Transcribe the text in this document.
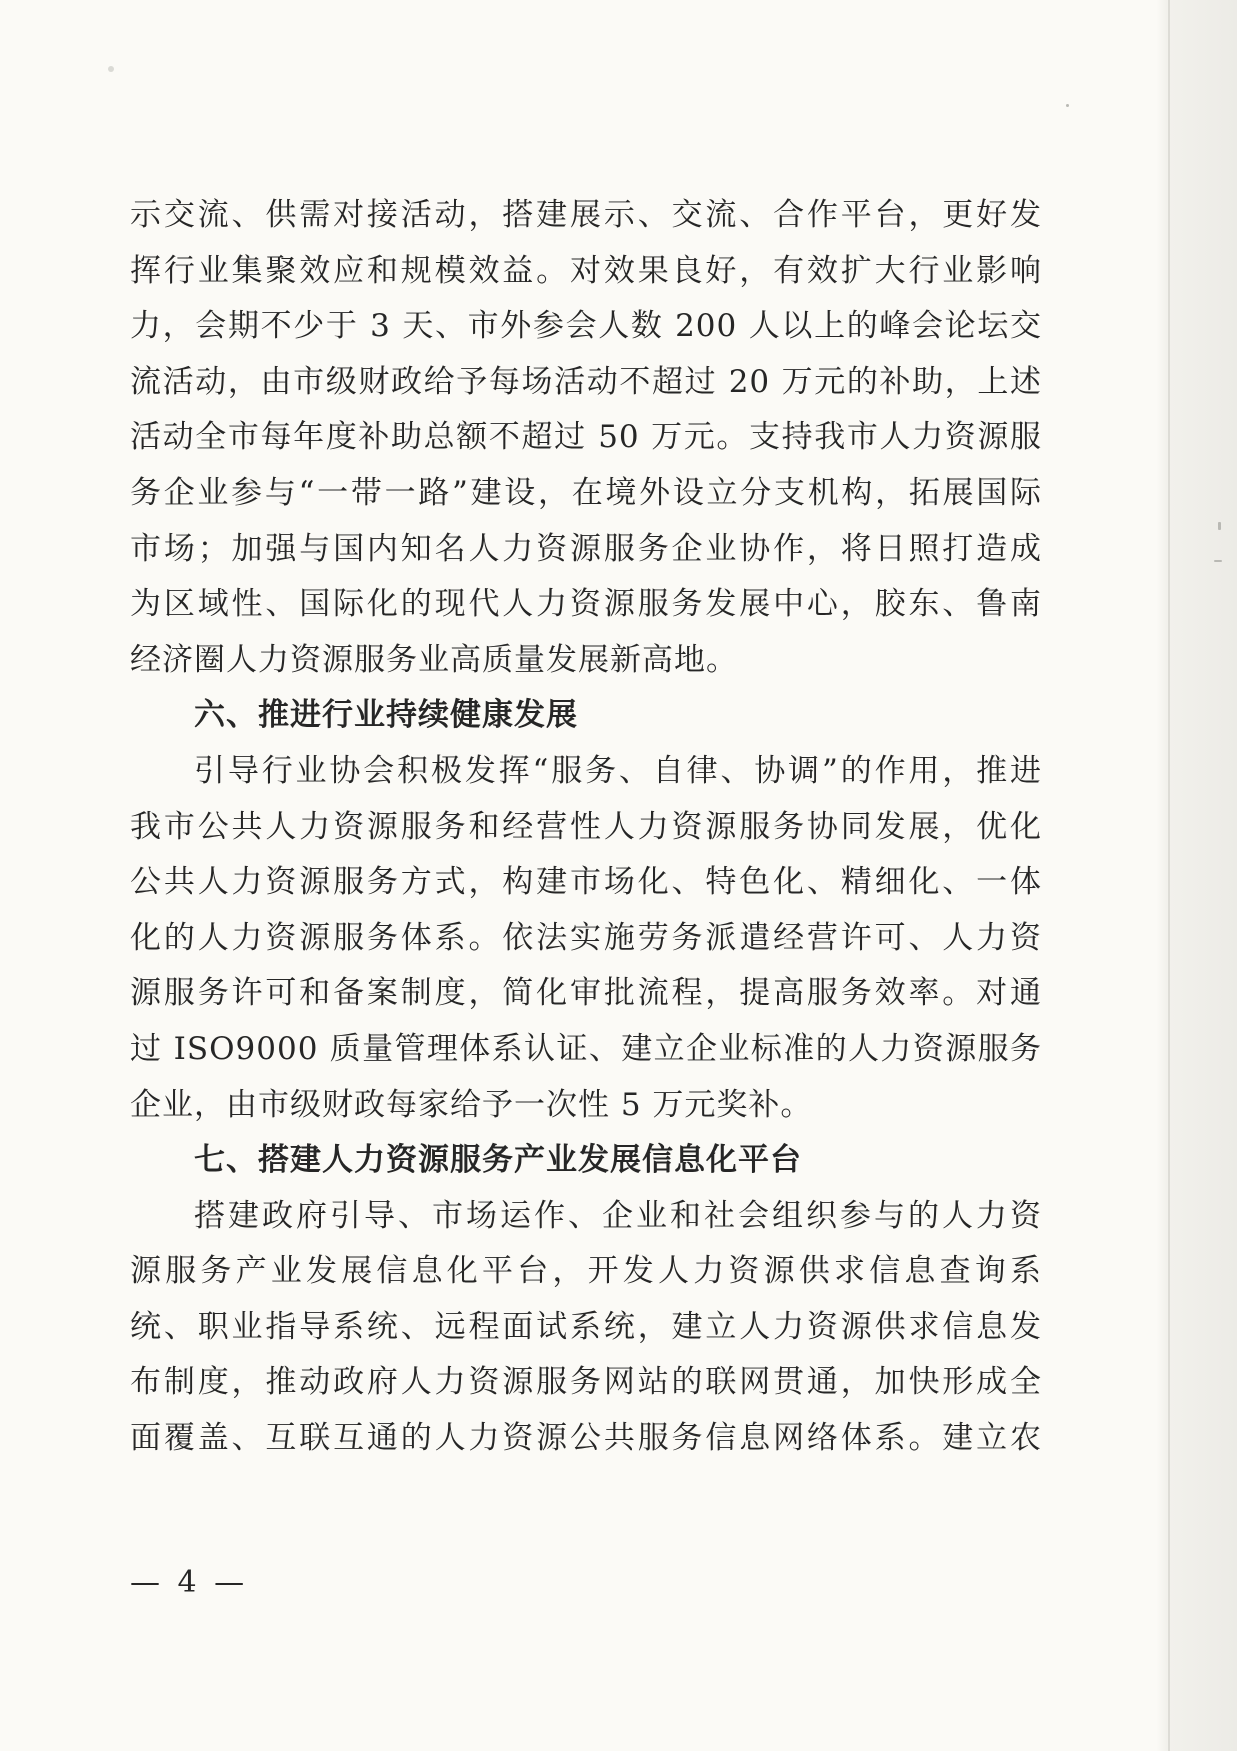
示交流、供需对接活动，搭建展示、交流、合作平台，更好发
挥行业集聚效应和规模效益。对效果良好，有效扩大行业影响
力，会期不少于 3 天、市外参会人数 200 人以上的峰会论坛交
流活动，由市级财政给予每场活动不超过 20 万元的补助，上述
活动全市每年度补助总额不超过 50 万元。支持我市人力资源服
务企业参与“一带一路”建设，在境外设立分支机构，拓展国际
市场；加强与国内知名人力资源服务企业协作，将日照打造成
为区域性、国际化的现代人力资源服务发展中心，胶东、鲁南
经济圈人力资源服务业高质量发展新高地。
六、推进行业持续健康发展
引导行业协会积极发挥“服务、自律、协调”的作用，推进
我市公共人力资源服务和经营性人力资源服务协同发展，优化
公共人力资源服务方式，构建市场化、特色化、精细化、一体
化的人力资源服务体系。依法实施劳务派遣经营许可、人力资
源服务许可和备案制度，简化审批流程，提高服务效率。对通
过 ISO9000 质量管理体系认证、建立企业标准的人力资源服务
企业，由市级财政每家给予一次性 5 万元奖补。
七、搭建人力资源服务产业发展信息化平台
搭建政府引导、市场运作、企业和社会组织参与的人力资
源服务产业发展信息化平台，开发人力资源供求信息查询系
统、职业指导系统、远程面试系统，建立人力资源供求信息发
布制度，推动政府人力资源服务网站的联网贯通，加快形成全
面覆盖、互联互通的人力资源公共服务信息网络体系。建立农
— 4 —
